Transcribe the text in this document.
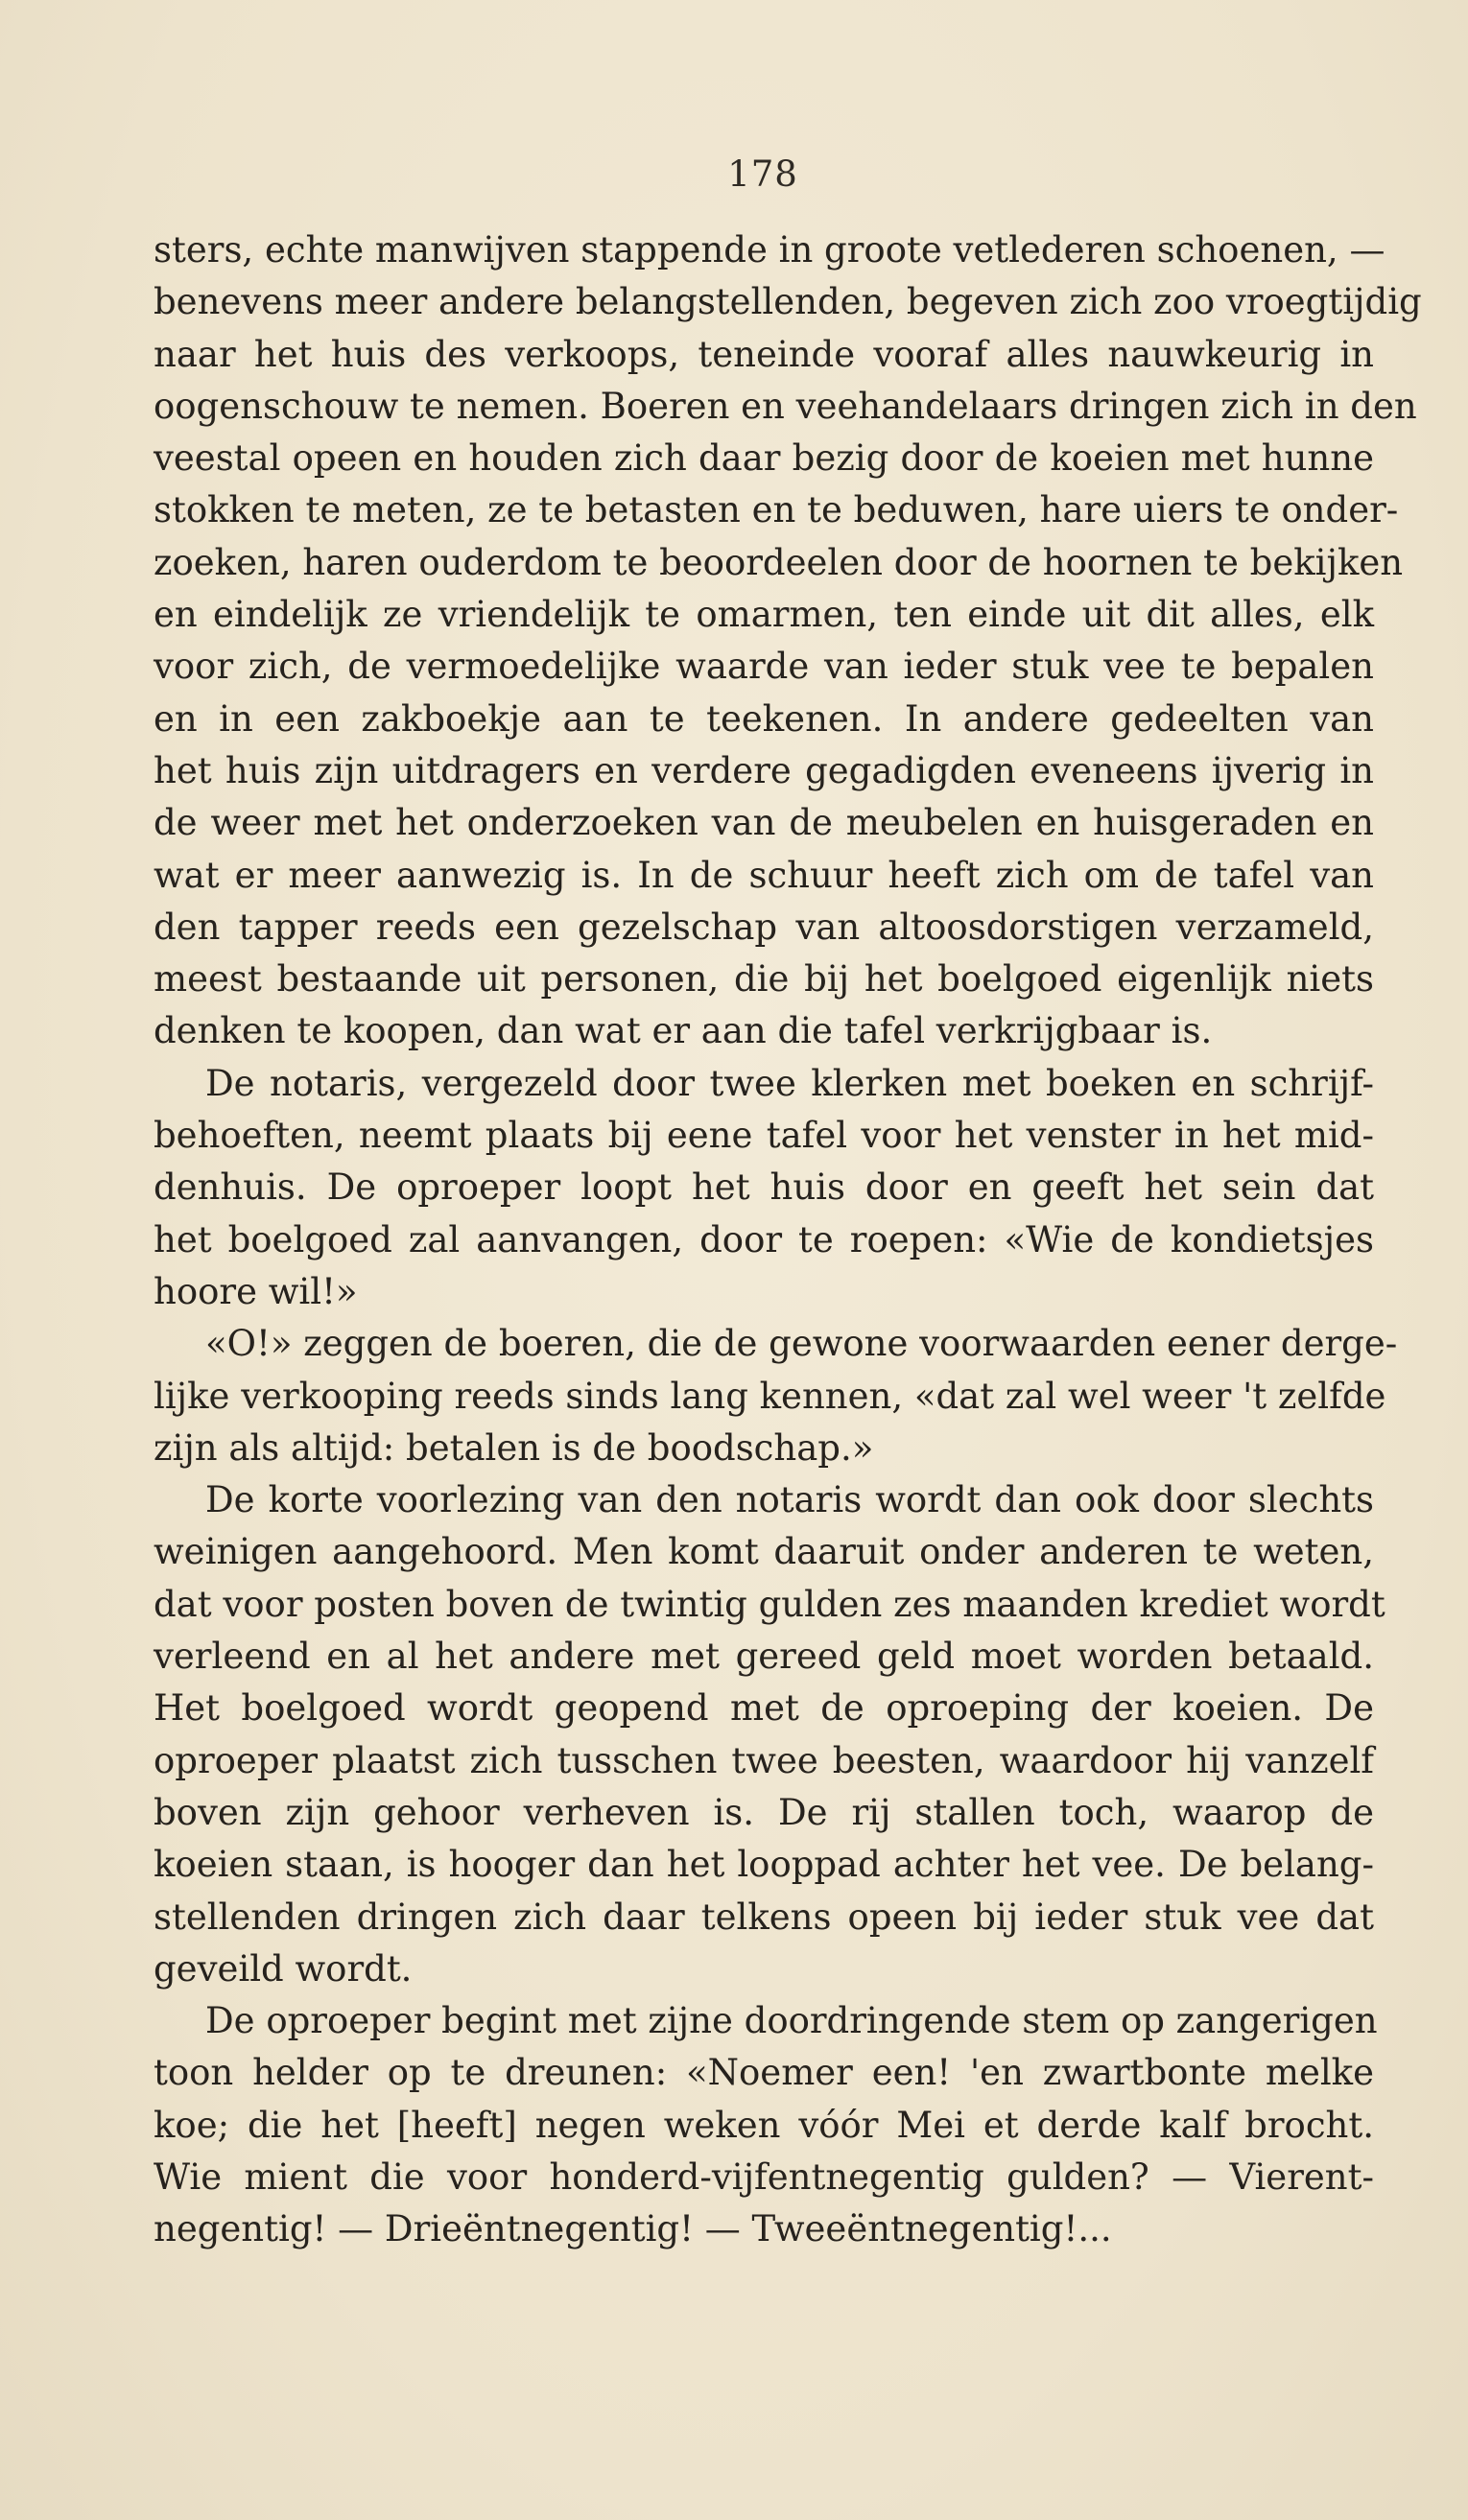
178
sters, echte manwijven stappende in groote vetlederen schoenen, —
benevens meer andere belangstellenden, begeven zich zoo vroegtijdig
naar het huis des verkoops, teneinde vooraf alles nauwkeurig in
oogenschouw te nemen. Boeren en veehandelaars dringen zich in den
veestal opeen en houden zich daar bezig door de koeien met hunne
stokken te meten, ze te betasten en te beduwen, hare uiers te onder-
zoeken, haren ouderdom te beoordeelen door de hoornen te bekijken
en eindelijk ze vriendelijk te omarmen, ten einde uit dit alles, elk
voor zich, de vermoedelijke waarde van ieder stuk vee te bepalen
en in een zakboekje aan te teekenen. In andere gedeelten van
het huis zijn uitdragers en verdere gegadigden eveneens ijverig in
de weer met het onderzoeken van de meubelen en huisgeraden en
wat er meer aanwezig is. In de schuur heeft zich om de tafel van
den tapper reeds een gezelschap van altoosdorstigen verzameld,
meest bestaande uit personen, die bij het boelgoed eigenlijk niets
denken te koopen, dan wat er aan die tafel verkrijgbaar is.
De notaris, vergezeld door twee klerken met boeken en schrijf-
behoeften, neemt plaats bij eene tafel voor het venster in het mid-
denhuis. De oproeper loopt het huis door en geeft het sein dat
het boelgoed zal aanvangen, door te roepen: «Wie de kondietsjes
hoore wil!»
«O!» zeggen de boeren, die de gewone voorwaarden eener derge-
lijke verkooping reeds sinds lang kennen, «dat zal wel weer 't zelfde
zijn als altijd: betalen is de boodschap.»
De korte voorlezing van den notaris wordt dan ook door slechts
weinigen aangehoord. Men komt daaruit onder anderen te weten,
dat voor posten boven de twintig gulden zes maanden krediet wordt
verleend en al het andere met gereed geld moet worden betaald.
Het boelgoed wordt geopend met de oproeping der koeien. De
oproeper plaatst zich tusschen twee beesten, waardoor hij vanzelf
boven zijn gehoor verheven is. De rij stallen toch, waarop de
koeien staan, is hooger dan het looppad achter het vee. De belang-
stellenden dringen zich daar telkens opeen bij ieder stuk vee dat
geveild wordt.
De oproeper begint met zijne doordringende stem op zangerigen
toon helder op te dreunen: «Noemer een! 'en zwartbonte melke
koe; die het [heeft] negen weken vóór Mei et derde kalf brocht.
Wie mient die voor honderd-vijfentnegentig gulden? — Vierent-
negentig! — Drieëntnegentig! — Tweeëntnegentig!...
